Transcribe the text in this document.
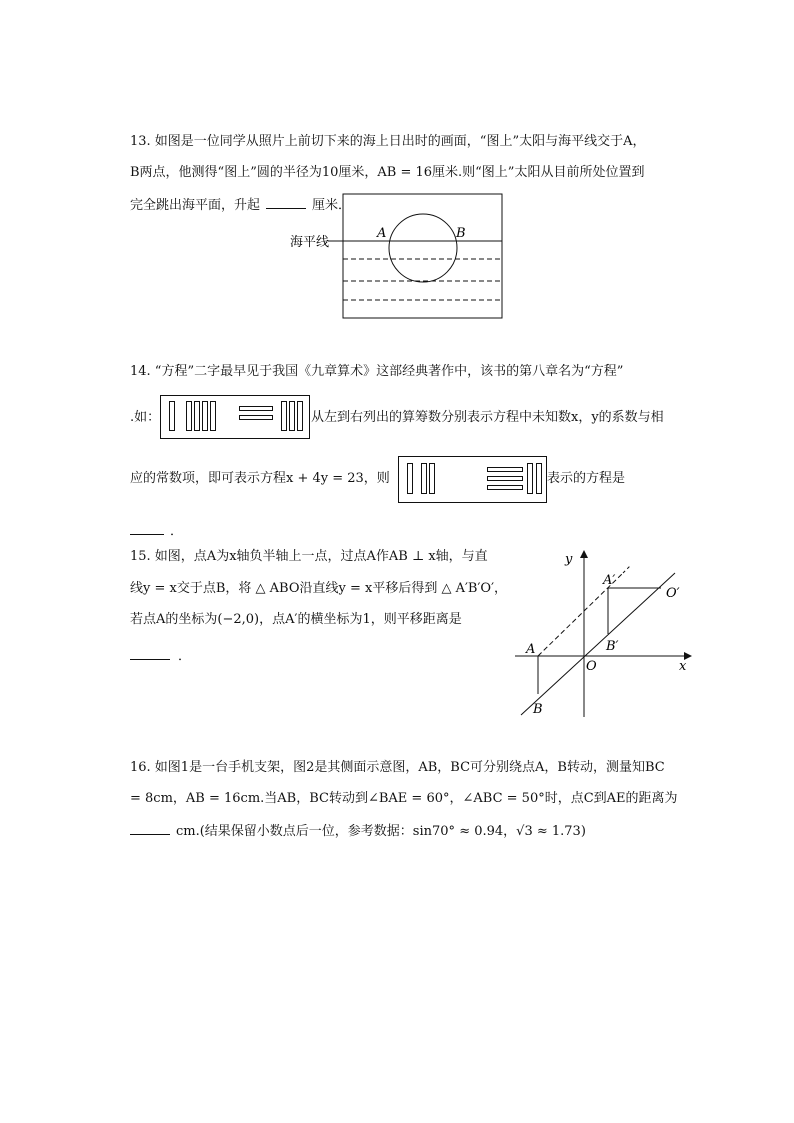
13. 如图是一位同学从照片上前切下来的海上日出时的画面，“图上”太阳与海平线交于A，
B两点，他测得“图上”圆的半径为10厘米，AB = 16厘米.则“图上”太阳从目前所处位置到
完全跳出海平面，升起	厘米．
海平线
A	B
14. “方程”二字最早见于我国《九章算术》这部经典著作中，该书的第八章名为“方程”
.如：	从左到右列出的算筹数分别表示方程中未知数x，y的系数与相
应的常数项，即可表示方程x + 4y = 23，则	表示的方程是
．
15. 如图，点A为x轴负半轴上一点，过点A作AB ⊥ x轴，与直
线y = x交于点B，将 △ ABO沿直线y = x平移后得到 △ A′B′O′，
若点A的坐标为(−2,0)，点A′的横坐标为1，则平移距离是
．
y
x
O
A
B
A′
B′
O′
16. 如图1是一台手机支架，图2是其侧面示意图，AB，BC可分别绕点A，B转动，测量知BC
= 8cm，AB = 16cm.当AB，BC转动到∠BAE = 60°，∠ABC = 50°时，点C到AE的距离为
cm.(结果保留小数点后一位，参考数据：sin70° ≈ 0.94，√3 ≈ 1.73)
